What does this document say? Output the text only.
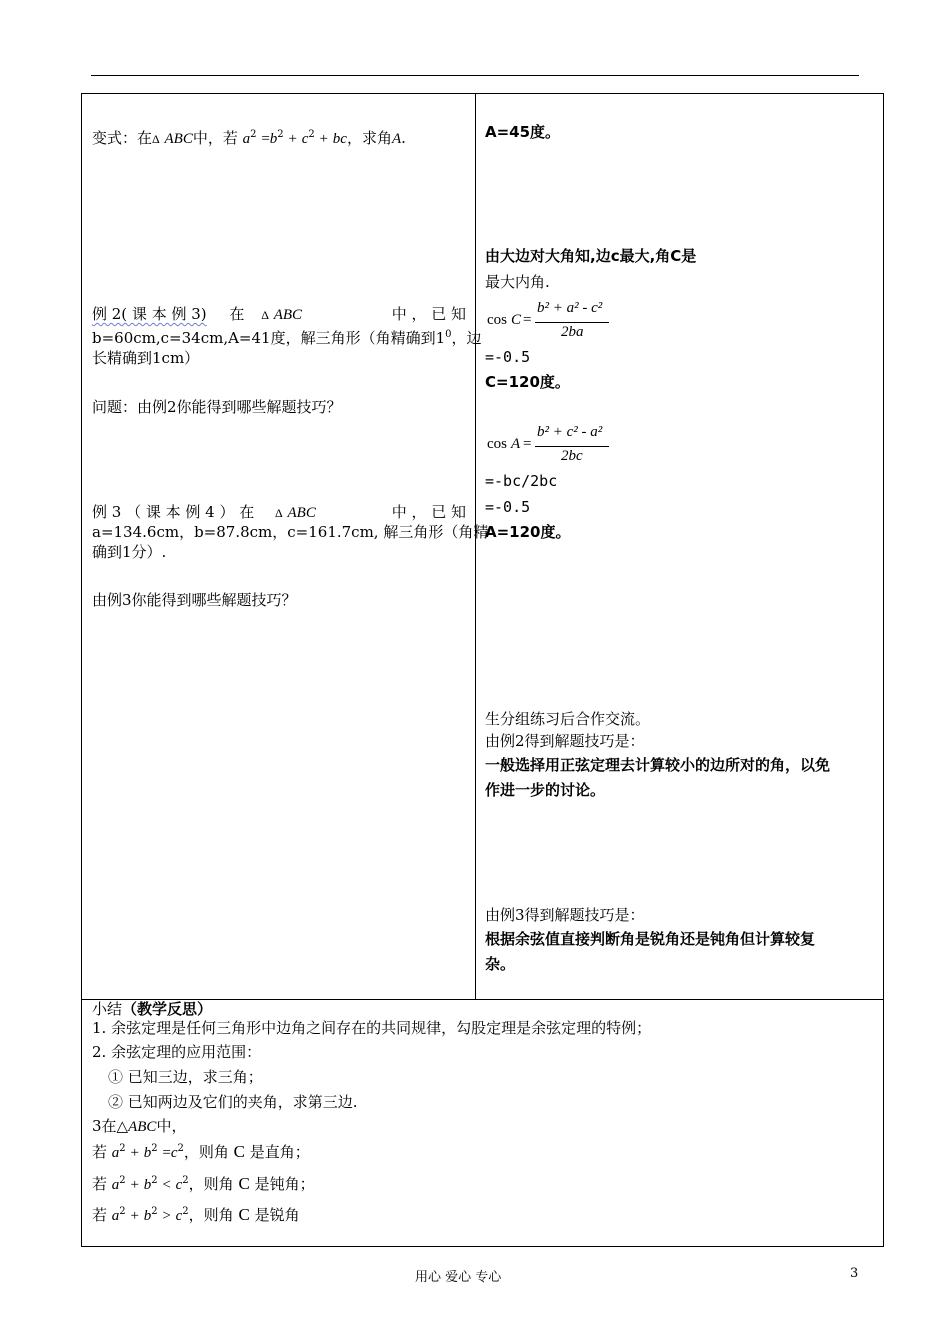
变式：在Δ ABC中，若 $a^2 =b^2 + c^2$ + bc，求角A.
例 2( 课 本 例 3) 在 Δ ABC	中 ， 已 知
b=60cm,c=34cm,A=41度，解三角形（角精确到$1^0$，边
长精确到1cm）
问题：由例2你能得到哪些解题技巧？
例 3 （ 课 本 例 4 ） 在 Δ ABC	中 ， 已 知
a=134.6cm，b=87.8cm，c=161.7cm, 解三角形（角精
确到1分）.
由例3你能得到哪些解题技巧？
A=45度。
由大边对大角知,边c最大,角C是
最大内角.
cos C =
b² + a² - c²
2ba
=-0.5
C=120度。
cos A =
b² + c² - a²
2bc
=-bc/2bc
=-0.5
A=120度。
生分组练习后合作交流。
由例2得到解题技巧是：
一般选择用正弦定理去计算较小的边所对的角，以免
作进一步的讨论。
由例3得到解题技巧是：
根据余弦值直接判断角是锐角还是钝角但计算较复
杂。
小结（教学反思）
1. 余弦定理是任何三角形中边角之间存在的共同规律，勾股定理是余弦定理的特例；
2. 余弦定理的应用范围：
① 已知三边，求三角；
② 已知两边及它们的夹角，求第三边.
3在△ABC中，
若 $a^2 + b^2 =c^2$，则角 C 是直角；
若 $a^2 + b^2 < c^2$，则角 C 是钝角；
若 $a^2 + b^2 > c^2$，则角 C 是锐角
用心 爱心 专心	3
